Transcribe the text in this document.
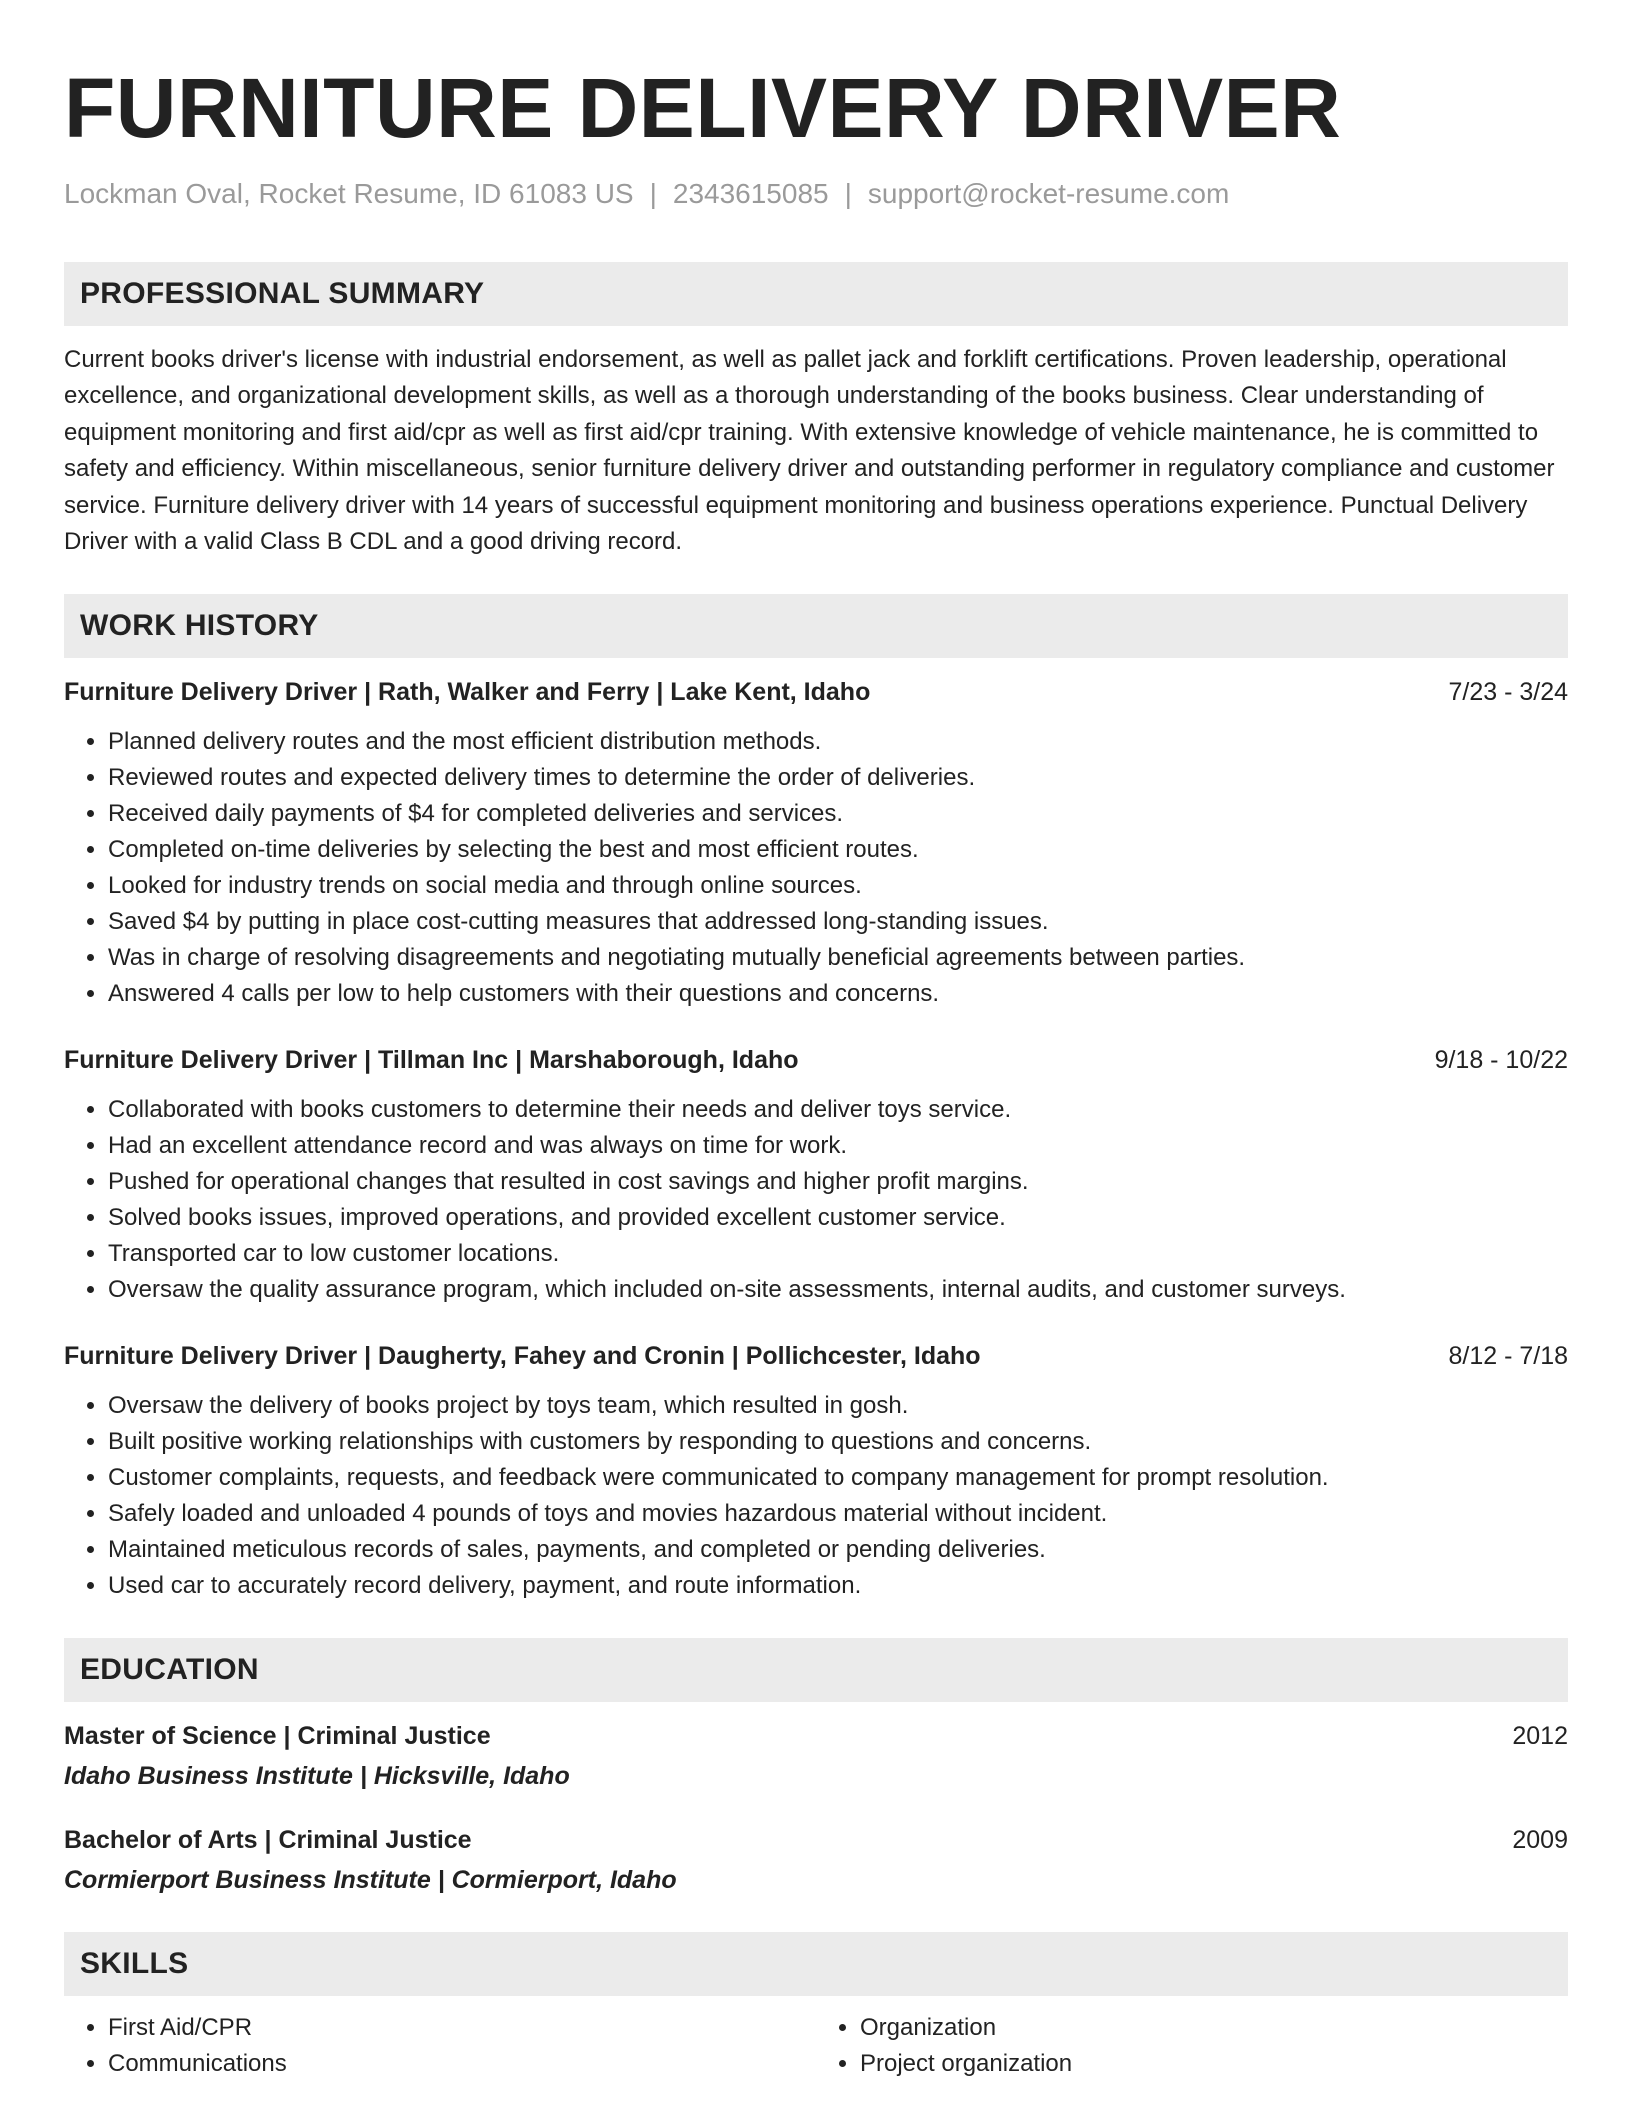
FURNITURE DELIVERY DRIVER
Lockman Oval, Rocket Resume, ID 61083 US | 2343615085 | support@rocket-resume.com
PROFESSIONAL SUMMARY
Current books driver's license with industrial endorsement, as well as pallet jack and forklift certifications. Proven leadership, operational excellence, and organizational development skills, as well as a thorough understanding of the books business. Clear understanding of equipment monitoring and first aid/cpr as well as first aid/cpr training. With extensive knowledge of vehicle maintenance, he is committed to safety and efficiency. Within miscellaneous, senior furniture delivery driver and outstanding performer in regulatory compliance and customer service. Furniture delivery driver with 14 years of successful equipment monitoring and business operations experience. Punctual Delivery Driver with a valid Class B CDL and a good driving record.
WORK HISTORY
Furniture Delivery Driver | Rath, Walker and Ferry | Lake Kent, Idaho	7/23 - 3/24
• Planned delivery routes and the most efficient distribution methods.
• Reviewed routes and expected delivery times to determine the order of deliveries.
• Received daily payments of $4 for completed deliveries and services.
• Completed on-time deliveries by selecting the best and most efficient routes.
• Looked for industry trends on social media and through online sources.
• Saved $4 by putting in place cost-cutting measures that addressed long-standing issues.
• Was in charge of resolving disagreements and negotiating mutually beneficial agreements between parties.
• Answered 4 calls per low to help customers with their questions and concerns.
Furniture Delivery Driver | Tillman Inc | Marshaborough, Idaho	9/18 - 10/22
• Collaborated with books customers to determine their needs and deliver toys service.
• Had an excellent attendance record and was always on time for work.
• Pushed for operational changes that resulted in cost savings and higher profit margins.
• Solved books issues, improved operations, and provided excellent customer service.
• Transported car to low customer locations.
• Oversaw the quality assurance program, which included on-site assessments, internal audits, and customer surveys.
Furniture Delivery Driver | Daugherty, Fahey and Cronin | Pollichcester, Idaho	8/12 - 7/18
• Oversaw the delivery of books project by toys team, which resulted in gosh.
• Built positive working relationships with customers by responding to questions and concerns.
• Customer complaints, requests, and feedback were communicated to company management for prompt resolution.
• Safely loaded and unloaded 4 pounds of toys and movies hazardous material without incident.
• Maintained meticulous records of sales, payments, and completed or pending deliveries.
• Used car to accurately record delivery, payment, and route information.
EDUCATION
Master of Science | Criminal Justice	2012
Idaho Business Institute | Hicksville, Idaho
Bachelor of Arts | Criminal Justice	2009
Cormierport Business Institute | Cormierport, Idaho
SKILLS
• First Aid/CPR
• Communications
• Organization
• Project organization
